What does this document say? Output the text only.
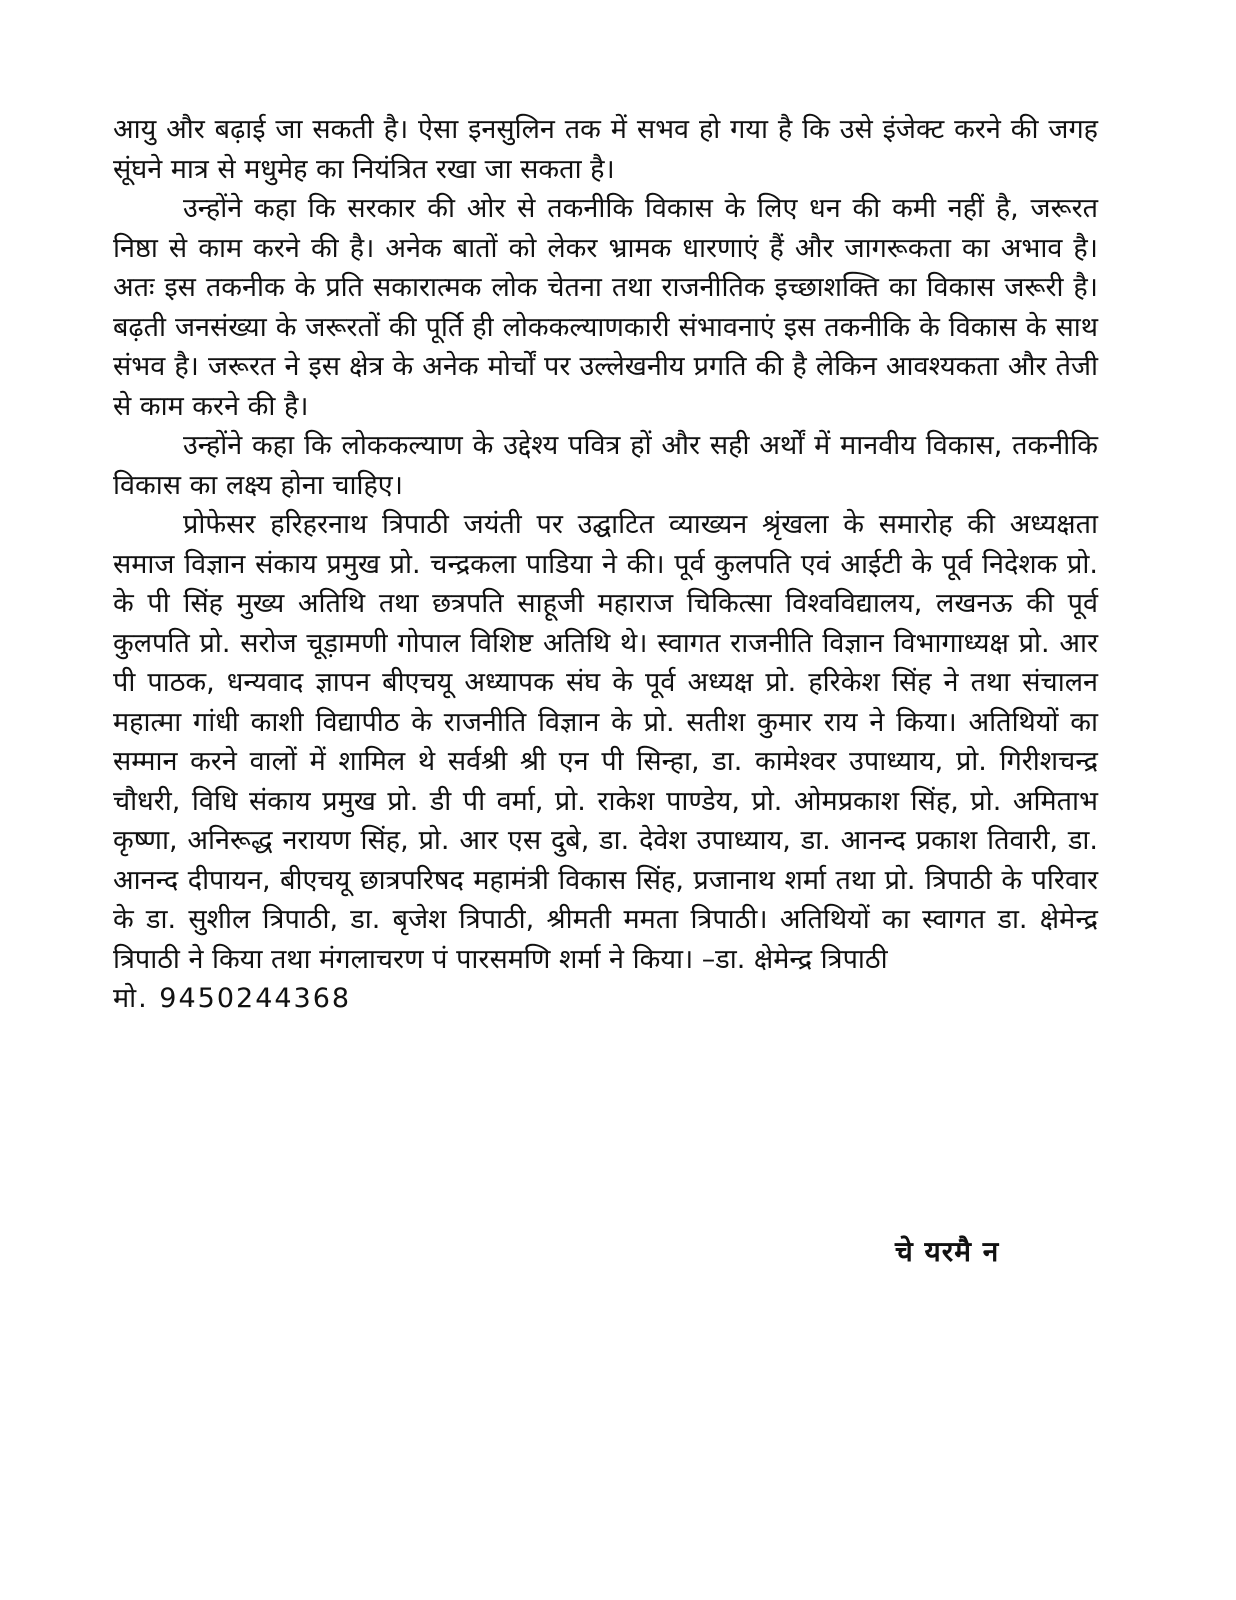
आयु और बढ़ाई जा सकती है। ऐसा इनसुलिन तक में सभव हो गया है कि उसे इंजेक्ट करने की जगह सूंघने मात्र से मधुमेह का नियंत्रित रखा जा सकता है।

उन्होंने कहा कि सरकार की ओर से तकनीकि विकास के लिए धन की कमी नहीं है, जरूरत निष्ठा से काम करने की है। अनेक बातों को लेकर भ्रामक धारणाएं हैं और जागरूकता का अभाव है। अतः इस तकनीक के प्रति सकारात्मक लोक चेतना तथा राजनीतिक इच्छाशक्ति का विकास जरूरी है। बढ़ती जनसंख्या के जरूरतों की पूर्ति ही लोककल्याणकारी संभावनाएं इस तकनीकि के विकास के साथ संभव है। जरूरत ने इस क्षेत्र के अनेक मोर्चों पर उल्लेखनीय प्रगति की है लेकिन आवश्यकता और तेजी से काम करने की है।

उन्होंने कहा कि लोककल्याण के उद्देश्य पवित्र हों और सही अर्थों में मानवीय विकास, तकनीकि विकास का लक्ष्य होना चाहिए।

प्रोफेसर हरिहरनाथ त्रिपाठी जयंती पर उद्घाटित व्याख्यन श्रृंखला के समारोह की अध्यक्षता समाज विज्ञान संकाय प्रमुख प्रो. चन्द्रकला पाडिया ने की। पूर्व कुलपति एवं आईटी के पूर्व निदेशक प्रो. के पी सिंह मुख्य अतिथि तथा छत्रपति साहूजी महाराज चिकित्सा विश्वविद्यालय, लखनऊ की पूर्व कुलपति प्रो. सरोज चूड़ामणी गोपाल विशिष्ट अतिथि थे। स्वागत राजनीति विज्ञान विभागाध्यक्ष प्रो. आर पी पाठक, धन्यवाद ज्ञापन बीएचयू अध्यापक संघ के पूर्व अध्यक्ष प्रो. हरिकेश सिंह ने तथा संचालन महात्मा गांधी काशी विद्यापीठ के राजनीति विज्ञान के प्रो. सतीश कुमार राय ने किया। अतिथियों का सम्मान करने वालों में शामिल थे सर्वश्री श्री एन पी सिन्हा, डा. कामेश्वर उपाध्याय, प्रो. गिरीशचन्द्र चौधरी, विधि संकाय प्रमुख प्रो. डी पी वर्मा, प्रो. राकेश पाण्डेय, प्रो. ओमप्रकाश सिंह, प्रो. अमिताभ कृष्णा, अनिरूद्ध नरायण सिंह, प्रो. आर एस दुबे, डा. देवेश उपाध्याय, डा. आनन्द प्रकाश तिवारी, डा. आनन्द दीपायन, बीएचयू छात्रपरिषद महामंत्री विकास सिंह, प्रजानाथ शर्मा तथा प्रो. त्रिपाठी के परिवार के डा. सुशील त्रिपाठी, डा. बृजेश त्रिपाठी, श्रीमती ममता त्रिपाठी। अतिथियों का स्वागत डा. क्षेमेन्द्र त्रिपाठी ने किया तथा मंगलाचरण पं पारसमणि शर्मा ने किया। –डा. क्षेमेन्द्र त्रिपाठी

मो. 9450244368

चे यरमै न
